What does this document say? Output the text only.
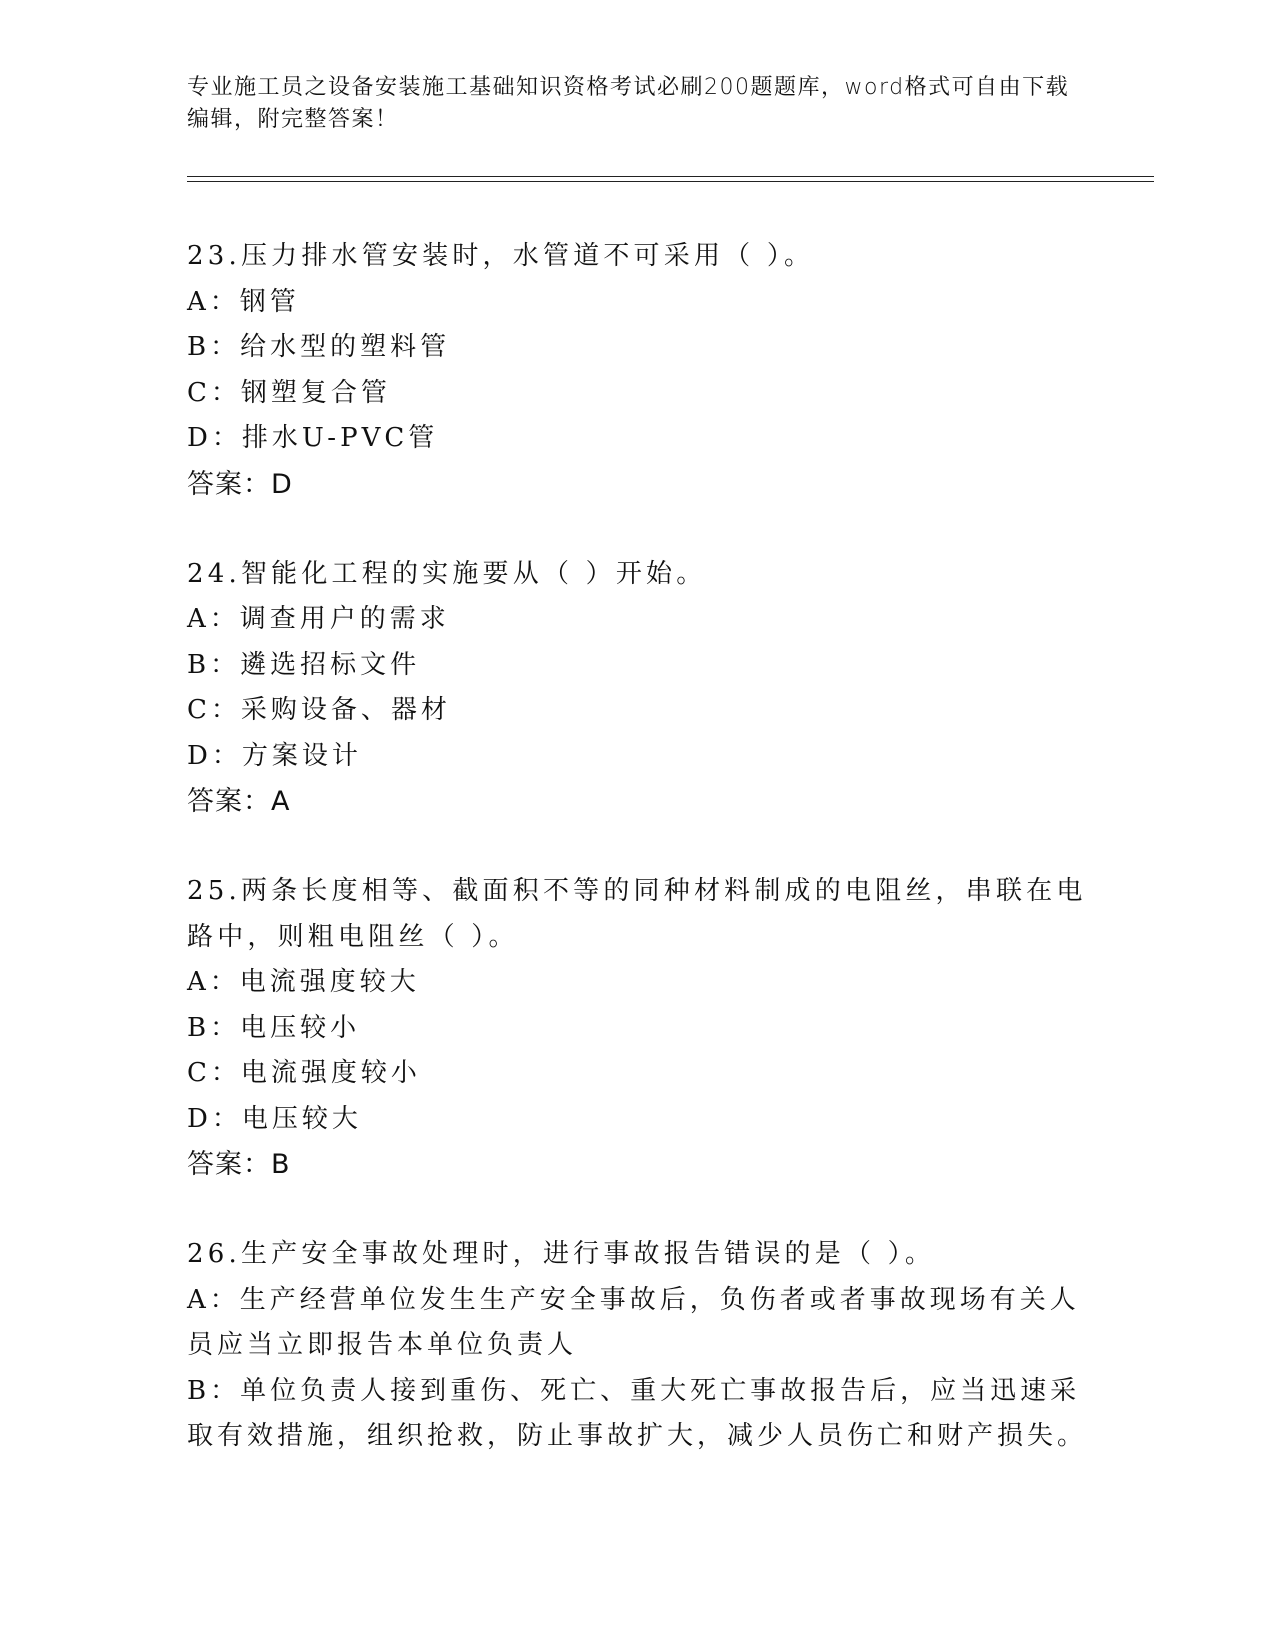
专业施工员之设备安装施工基础知识资格考试必刷200题题库，word格式可自由下载编辑，附完整答案！
23.压力排水管安装时，水管道不可采用（ ）。
A：钢管
B：给水型的塑料管
C：钢塑复合管
D：排水U-PVC管
答案：D
24.智能化工程的实施要从（ ）开始。
A：调查用户的需求
B：遴选招标文件
C：采购设备、器材
D：方案设计
答案：A
25.两条长度相等、截面积不等的同种材料制成的电阻丝，串联在电路中，则粗电阻丝（ ）。
A：电流强度较大
B：电压较小
C：电流强度较小
D：电压较大
答案：B
26.生产安全事故处理时，进行事故报告错误的是（ ）。
A：生产经营单位发生生产安全事故后，负伤者或者事故现场有关人员应当立即报告本单位负责人
B：单位负责人接到重伤、死亡、重大死亡事故报告后，应当迅速采取有效措施，组织抢救，防止事故扩大，减少人员伤亡和财产损失。
